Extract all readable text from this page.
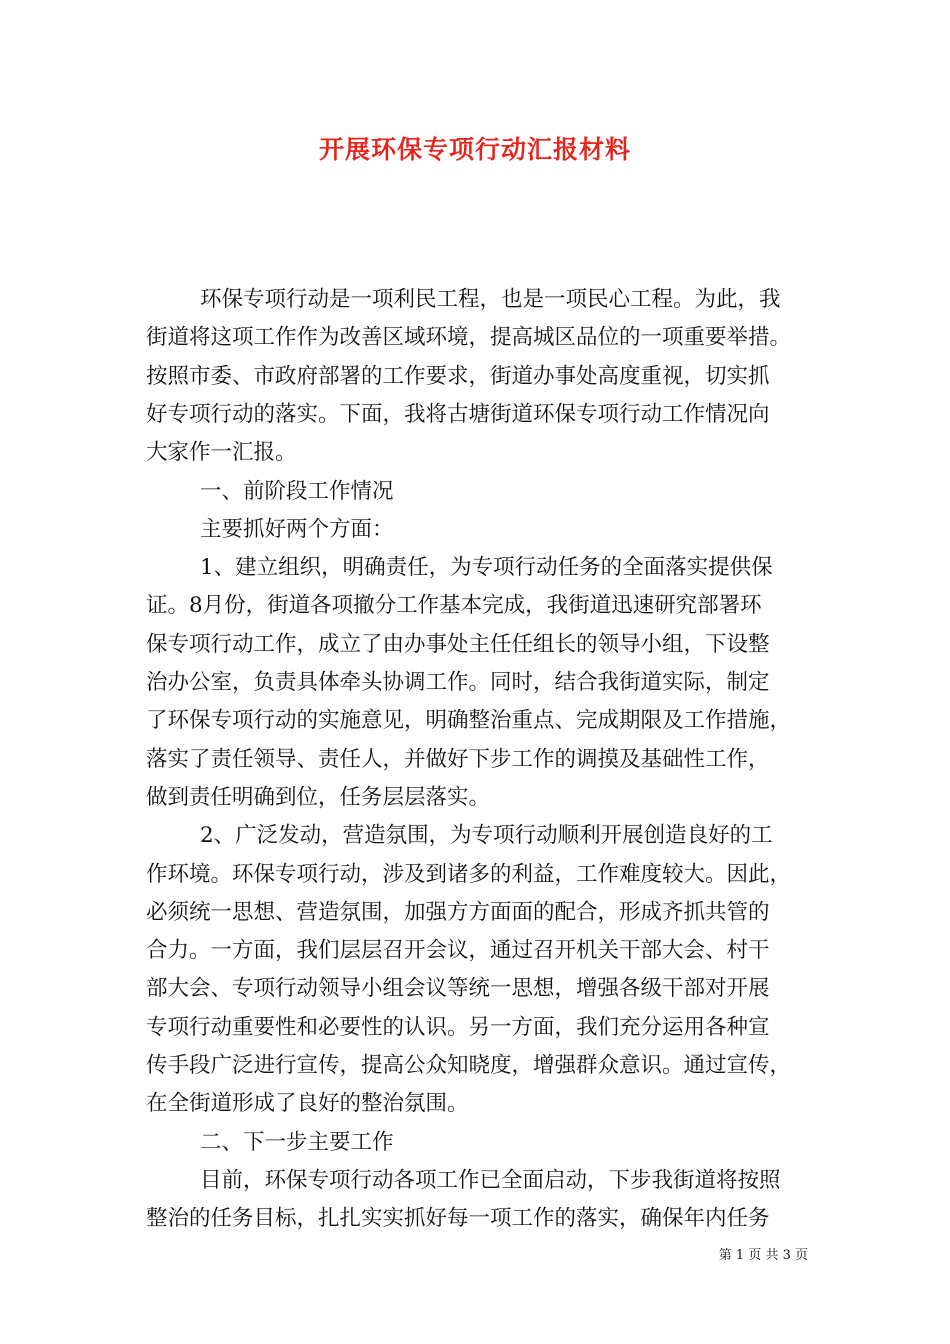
开展环保专项行动汇报材料
环保专项行动是一项利民工程，也是一项民心工程。为此，我
街道将这项工作作为改善区域环境，提高城区品位的一项重要举措。
按照市委、市政府部署的工作要求，街道办事处高度重视，切实抓
好专项行动的落实。下面，我将古塘街道环保专项行动工作情况向
大家作一汇报。
一、前阶段工作情况
主要抓好两个方面：
1、建立组织，明确责任，为专项行动任务的全面落实提供保
证。8月份，街道各项撤分工作基本完成，我街道迅速研究部署环
保专项行动工作，成立了由办事处主任任组长的领导小组，下设整
治办公室，负责具体牵头协调工作。同时，结合我街道实际，制定
了环保专项行动的实施意见，明确整治重点、完成期限及工作措施，
落实了责任领导、责任人，并做好下步工作的调摸及基础性工作，
做到责任明确到位，任务层层落实。
2、广泛发动，营造氛围，为专项行动顺利开展创造良好的工
作环境。环保专项行动，涉及到诸多的利益，工作难度较大。因此，
必须统一思想、营造氛围，加强方方面面的配合，形成齐抓共管的
合力。一方面，我们层层召开会议，通过召开机关干部大会、村干
部大会、专项行动领导小组会议等统一思想，增强各级干部对开展
专项行动重要性和必要性的认识。另一方面，我们充分运用各种宣
传手段广泛进行宣传，提高公众知晓度，增强群众意识。通过宣传，
在全街道形成了良好的整治氛围。
二、下一步主要工作
目前，环保专项行动各项工作已全面启动，下步我街道将按照
整治的任务目标，扎扎实实抓好每一项工作的落实，确保年内任务
第 1 页 共 3 页
